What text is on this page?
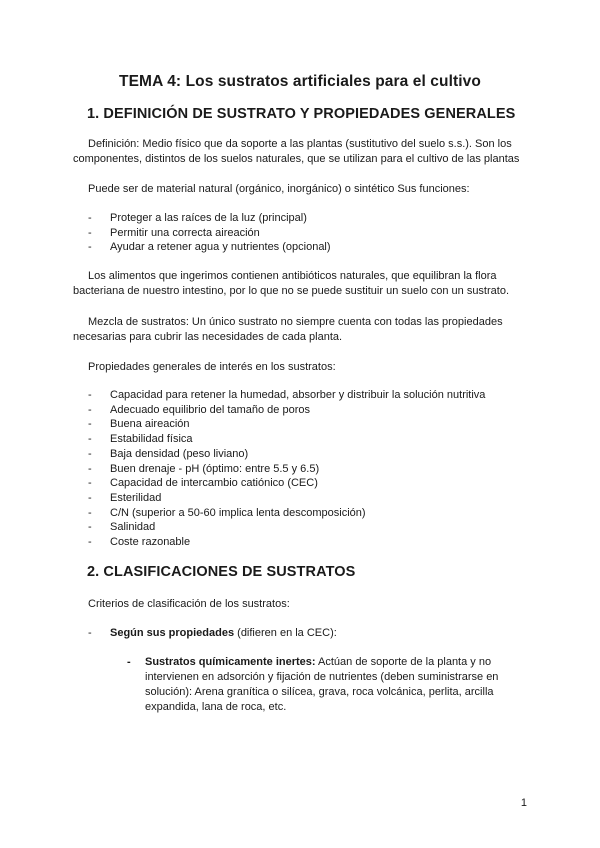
TEMA 4: Los sustratos artificiales para el cultivo
1. DEFINICIÓN DE SUSTRATO Y PROPIEDADES GENERALES
Definición: Medio físico que da soporte a las plantas (sustitutivo del suelo s.s.). Son los
componentes, distintos de los suelos naturales, que se utilizan para el cultivo de las plantas
Puede ser de material natural (orgánico, inorgánico) o sintético Sus funciones:
- Proteger a las raíces de la luz (principal)
- Permitir una correcta aireación
- Ayudar a retener agua y nutrientes (opcional)
Los alimentos que ingerimos contienen antibióticos naturales, que equilibran la flora
bacteriana de nuestro intestino, por lo que no se puede sustituir un suelo con un sustrato.
Mezcla de sustratos: Un único sustrato no siempre cuenta con todas las propiedades
necesarias para cubrir las necesidades de cada planta.
Propiedades generales de interés en los sustratos:
- Capacidad para retener la humedad, absorber y distribuir la solución nutritiva
- Adecuado equilibrio del tamaño de poros
- Buena aireación
- Estabilidad física
- Baja densidad (peso liviano)
- Buen drenaje - pH (óptimo: entre 5.5 y 6.5)
- Capacidad de intercambio catiónico (CEC)
- Esterilidad
- C/N (superior a 50-60 implica lenta descomposición)
- Salinidad
- Coste razonable
2. CLASIFICACIONES DE SUSTRATOS
Criterios de clasificación de los sustratos:
- Según sus propiedades (difieren en la CEC):
- Sustratos químicamente inertes: Actúan de soporte de la planta y no intervienen en adsorción y fijación de nutrientes (deben suministrarse en solución): Arena granítica o silícea, grava, roca volcánica, perlita, arcilla expandida, lana de roca, etc.
1
